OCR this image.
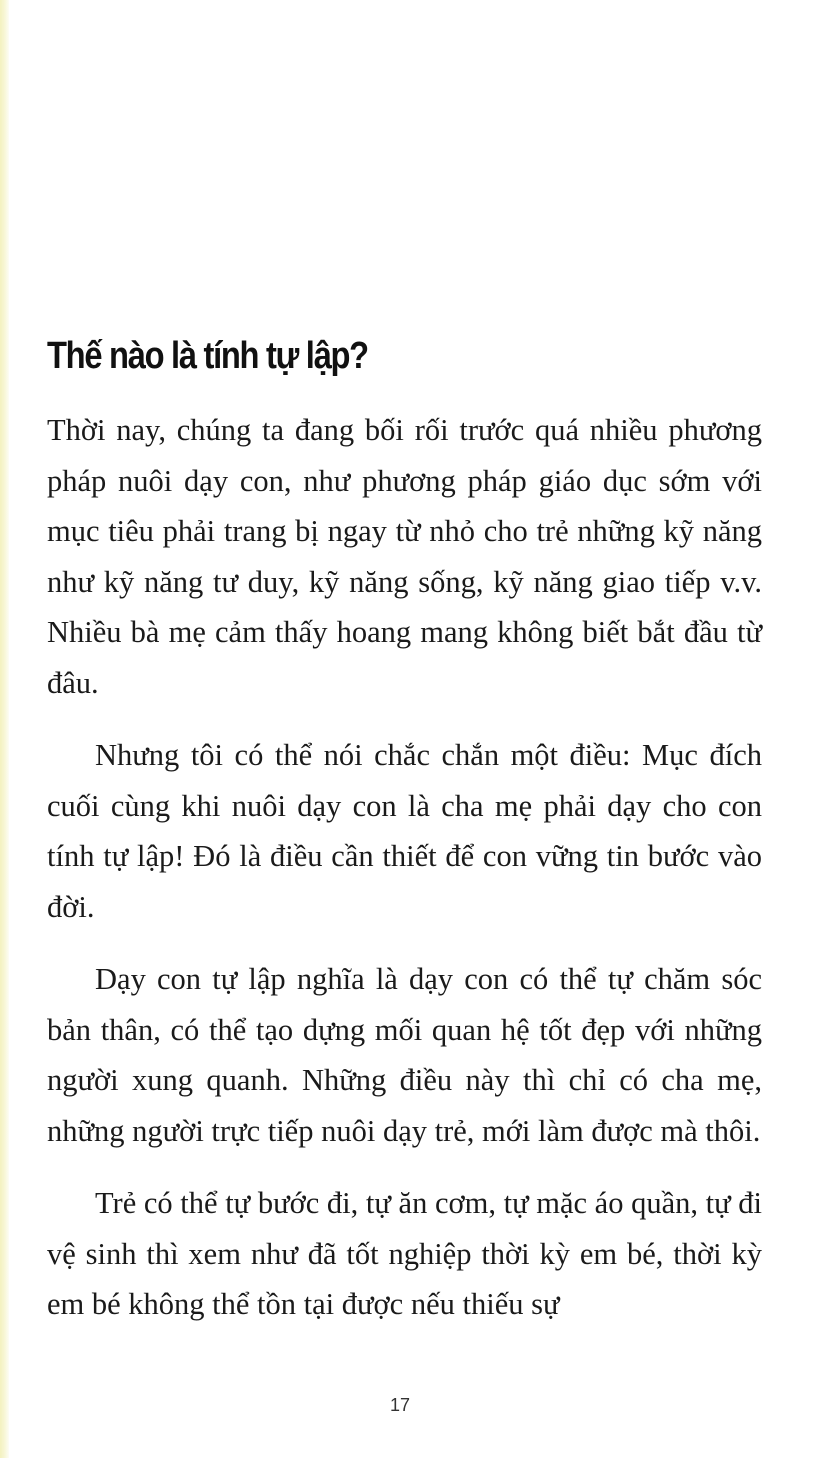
Thế nào là tính tự lập?

Thời nay, chúng ta đang bối rối trước quá nhiều phương pháp nuôi dạy con, như phương pháp giáo dục sớm với mục tiêu phải trang bị ngay từ nhỏ cho trẻ những kỹ năng như kỹ năng tư duy, kỹ năng sống, kỹ năng giao tiếp v.v. Nhiều bà mẹ cảm thấy hoang mang không biết bắt đầu từ đâu.

Nhưng tôi có thể nói chắc chắn một điều: Mục đích cuối cùng khi nuôi dạy con là cha mẹ phải dạy cho con tính tự lập! Đó là điều cần thiết để con vững tin bước vào đời.

Dạy con tự lập nghĩa là dạy con có thể tự chăm sóc bản thân, có thể tạo dựng mối quan hệ tốt đẹp với những người xung quanh. Những điều này thì chỉ có cha mẹ, những người trực tiếp nuôi dạy trẻ, mới làm được mà thôi.

Trẻ có thể tự bước đi, tự ăn cơm, tự mặc áo quần, tự đi vệ sinh thì xem như đã tốt nghiệp thời kỳ em bé, thời kỳ em bé không thể tồn tại được nếu thiếu sự

17
